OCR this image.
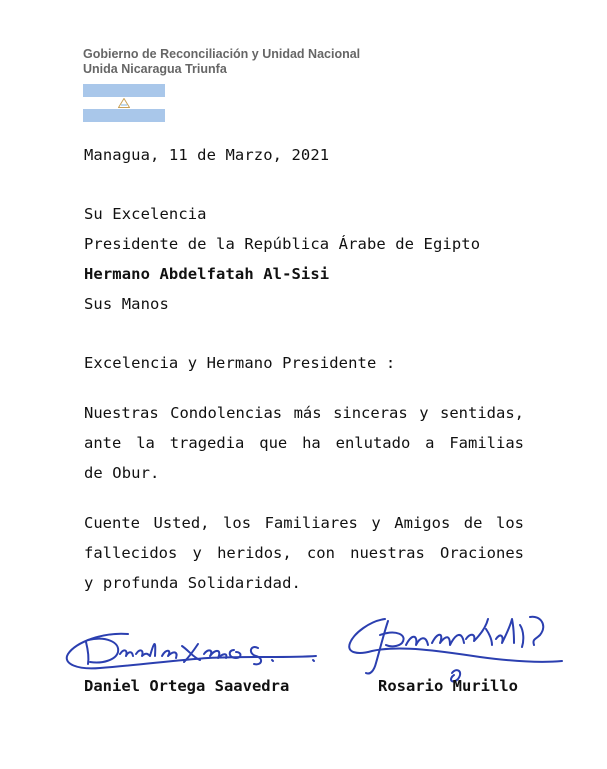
Gobierno de Reconciliación y Unidad Nacional
Unida Nicaragua Triunfa
Managua, 11 de Marzo, 2021
Su Excelencia
Presidente de la República Árabe de Egipto
Hermano Abdelfatah Al-Sisi
Sus Manos
Excelencia y Hermano Presidente :
Nuestras Condolencias más sinceras y sentidas,
ante la tragedia que ha enlutado a Familias
de Obur.
Cuente Usted, los Familiares y Amigos de los
fallecidos y heridos, con nuestras Oraciones
y profunda Solidaridad.
Daniel Ortega Saavedra	Rosario Murillo
